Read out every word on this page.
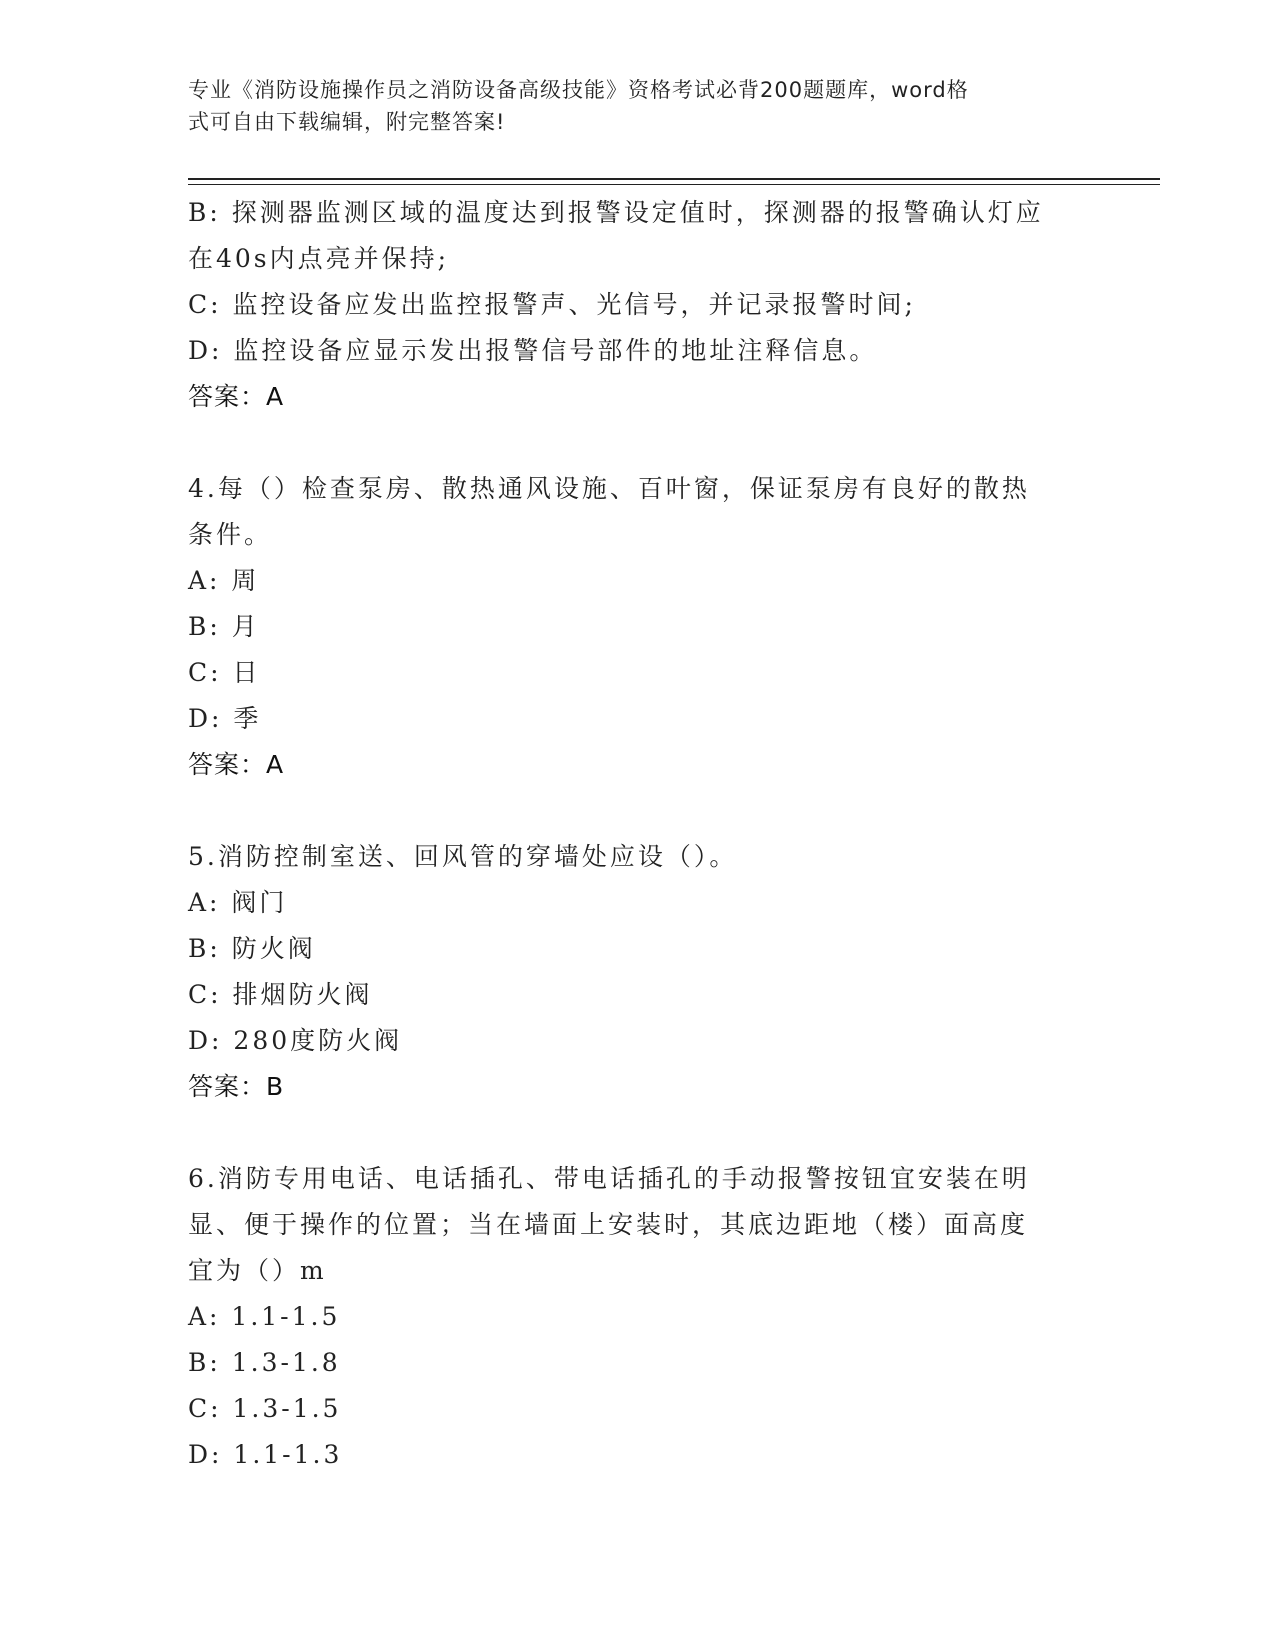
专业《消防设施操作员之消防设备高级技能》资格考试必背200题题库，word格
式可自由下载编辑，附完整答案!
B: 探测器监测区域的温度达到报警设定值时，探测器的报警确认灯应
在40s内点亮并保持;
C: 监控设备应发出监控报警声、光信号，并记录报警时间;
D: 监控设备应显示发出报警信号部件的地址注释信息。
答案：A
4.每（）检查泵房、散热通风设施、百叶窗，保证泵房有良好的散热
条件。
A: 周
B: 月
C: 日
D: 季
答案：A
5.消防控制室送、回风管的穿墙处应设（）。
A: 阀门
B: 防火阀
C: 排烟防火阀
D: 280度防火阀
答案：B
6.消防专用电话、电话插孔、带电话插孔的手动报警按钮宜安装在明
显、便于操作的位置；当在墙面上安装时，其底边距地（楼）面高度
宜为（）m
A: 1.1-1.5
B: 1.3-1.8
C: 1.3-1.5
D: 1.1-1.3
